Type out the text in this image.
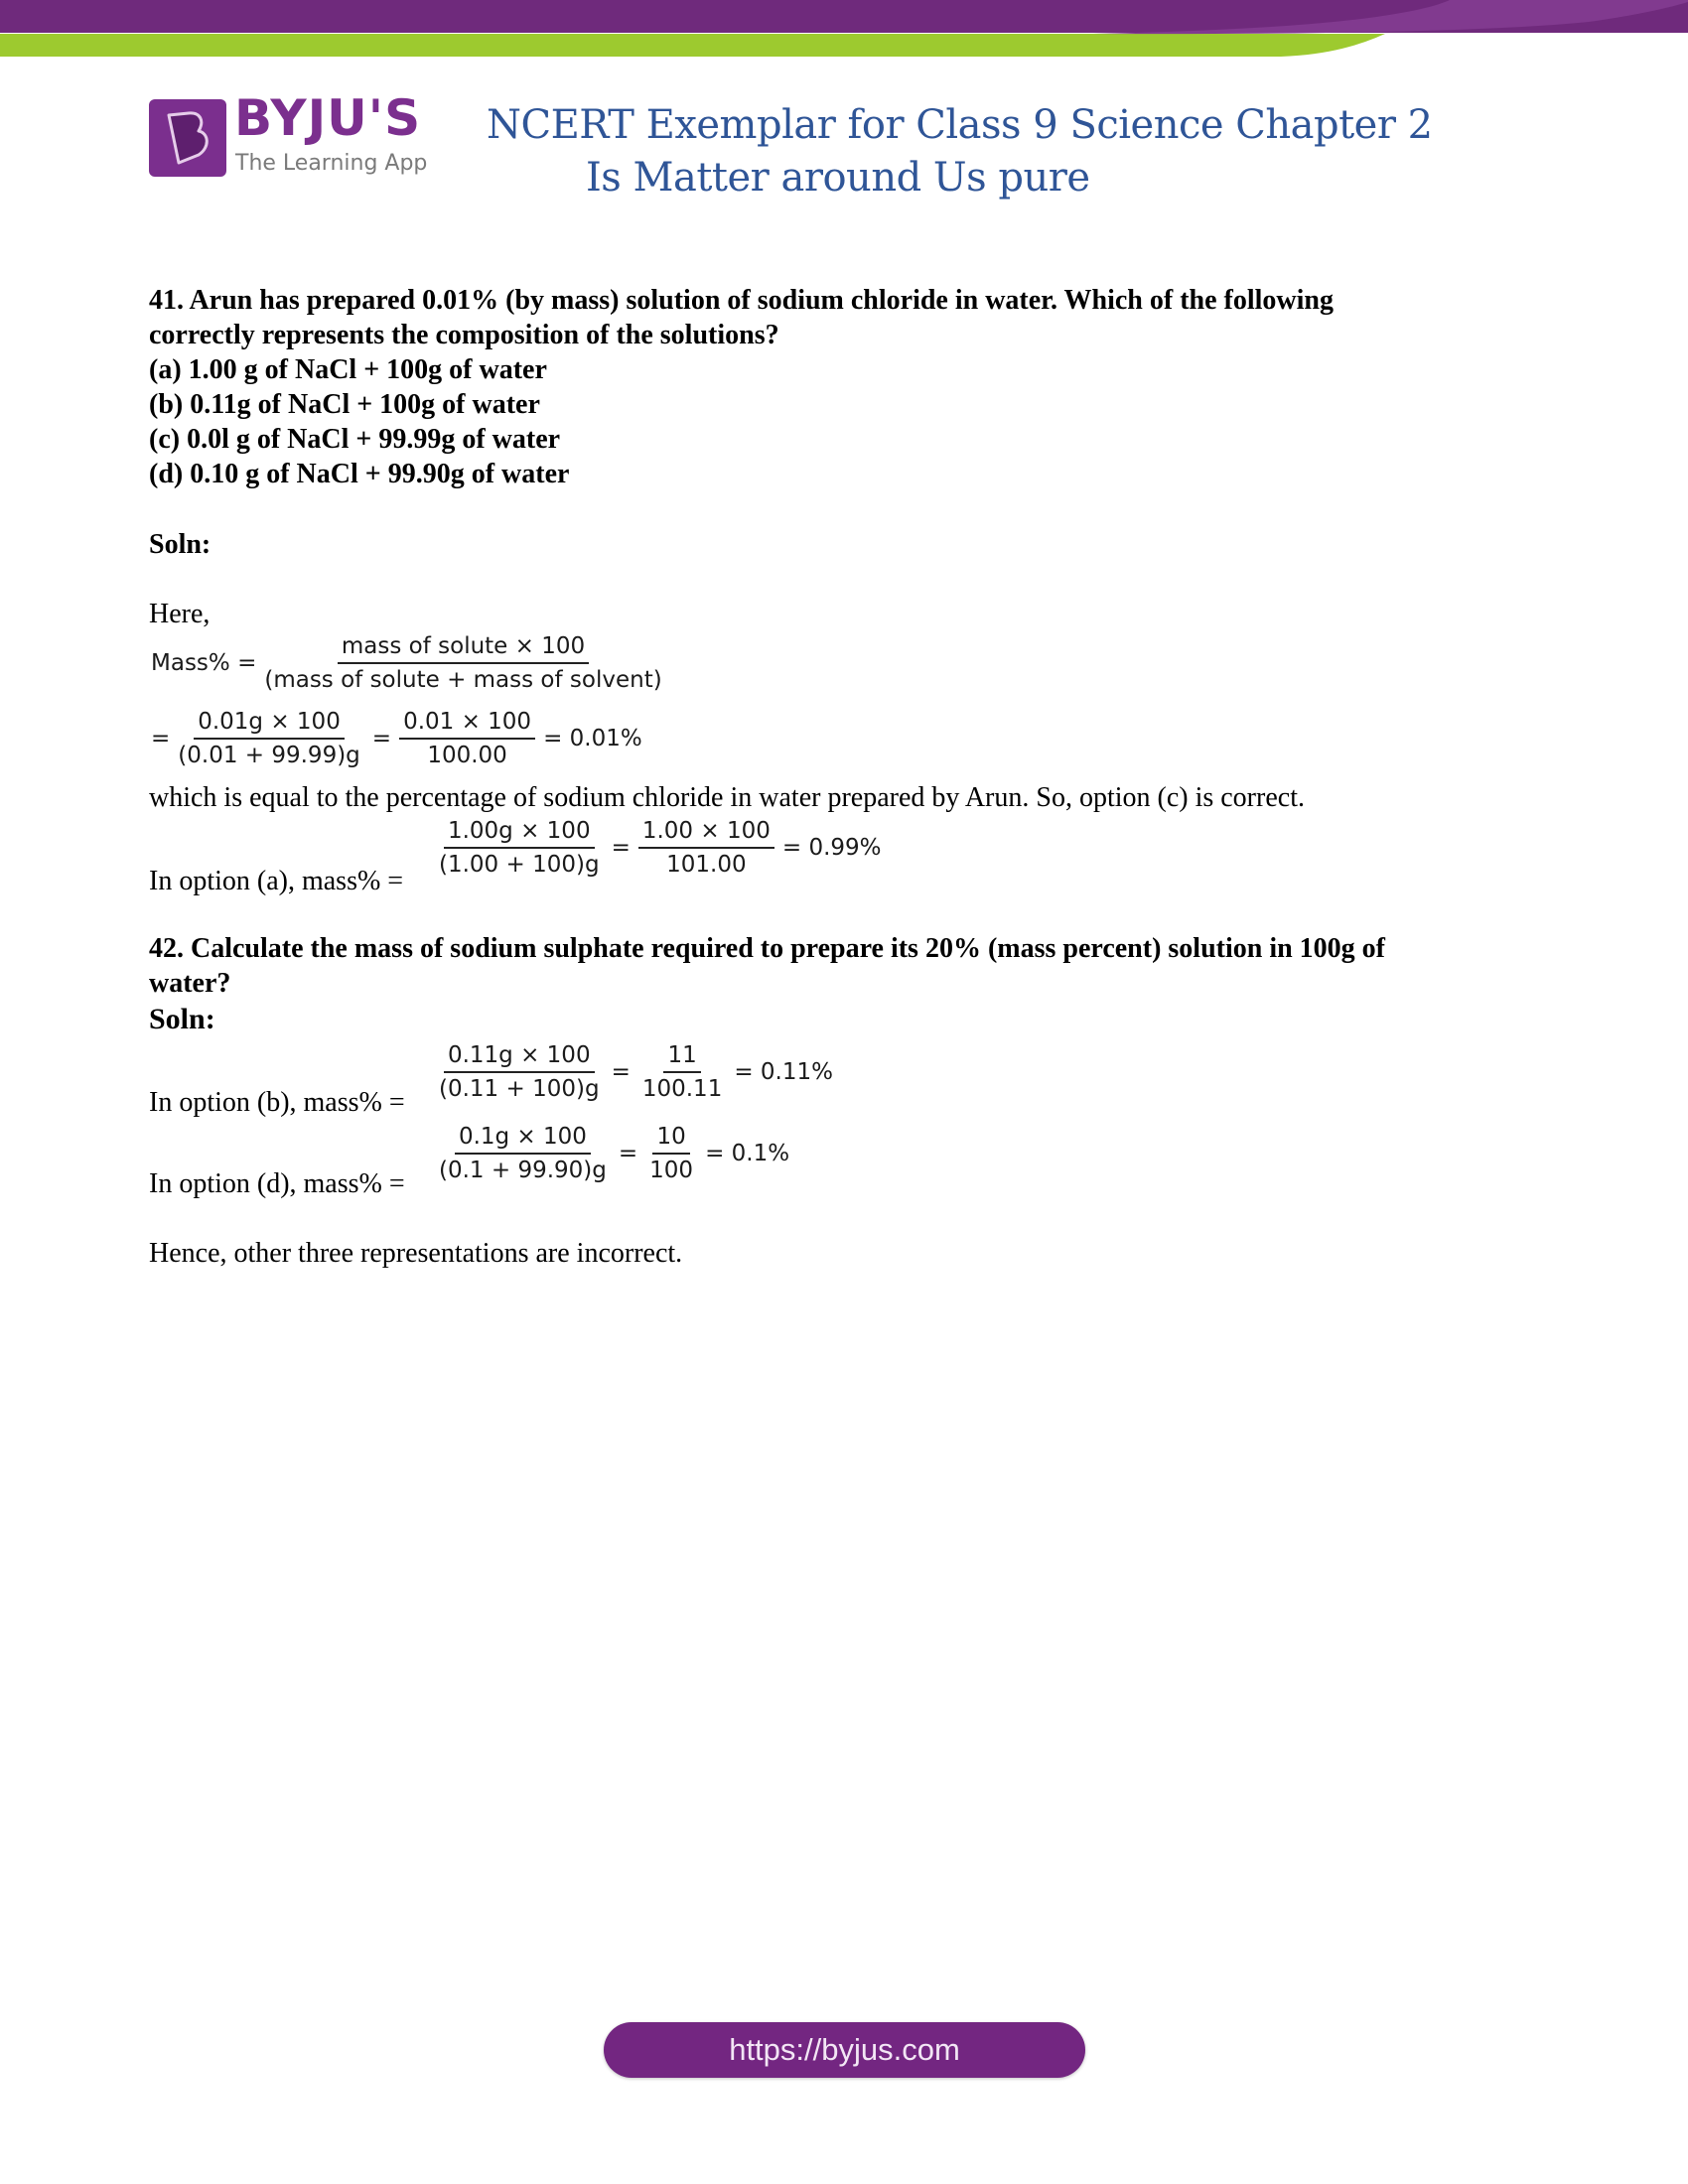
BYJU'S
The Learning App
NCERT Exemplar for Class 9 Science Chapter 2
Is Matter around Us pure
41. Arun has prepared 0.01% (by mass) solution of sodium chloride in water. Which of the following
correctly represents the composition of the solutions?
(a) 1.00 g of NaCl + 100g of water
(b) 0.11g of NaCl + 100g of water
(c) 0.0l g of NaCl + 99.99g of water
(d) 0.10 g of NaCl + 99.90g of water
Soln:
Here,
Mass% = $\frac{\text{mass of solute × 100}}{\text{(mass of solute + mass of solvent)}}$
= $\frac{0.01g \times 100}{(0.01 + 99.99)g} = \frac{0.01 \times 100}{100.00} = 0.01\%$
which is equal to the percentage of sodium chloride in water prepared by Arun. So, option (c) is correct.
In option (a), mass% =
$\frac{1.00g \times 100}{(1.00 + 100)g} = \frac{1.00 \times 100}{101.00} = 0.99\%$
42. Calculate the mass of sodium sulphate required to prepare its 20% (mass percent) solution in 100g of
water?
Soln:
In option (b), mass% = $\frac{0.11g \times 100}{(0.11 + 100)g} = \frac{11}{100.11} = 0.11\%$
In option (d), mass% = $\frac{0.1g \times 100}{(0.1 + 99.90)g} = \frac{10}{100} = 0.1\%$
Hence, other three representations are incorrect.
https://byjus.com
